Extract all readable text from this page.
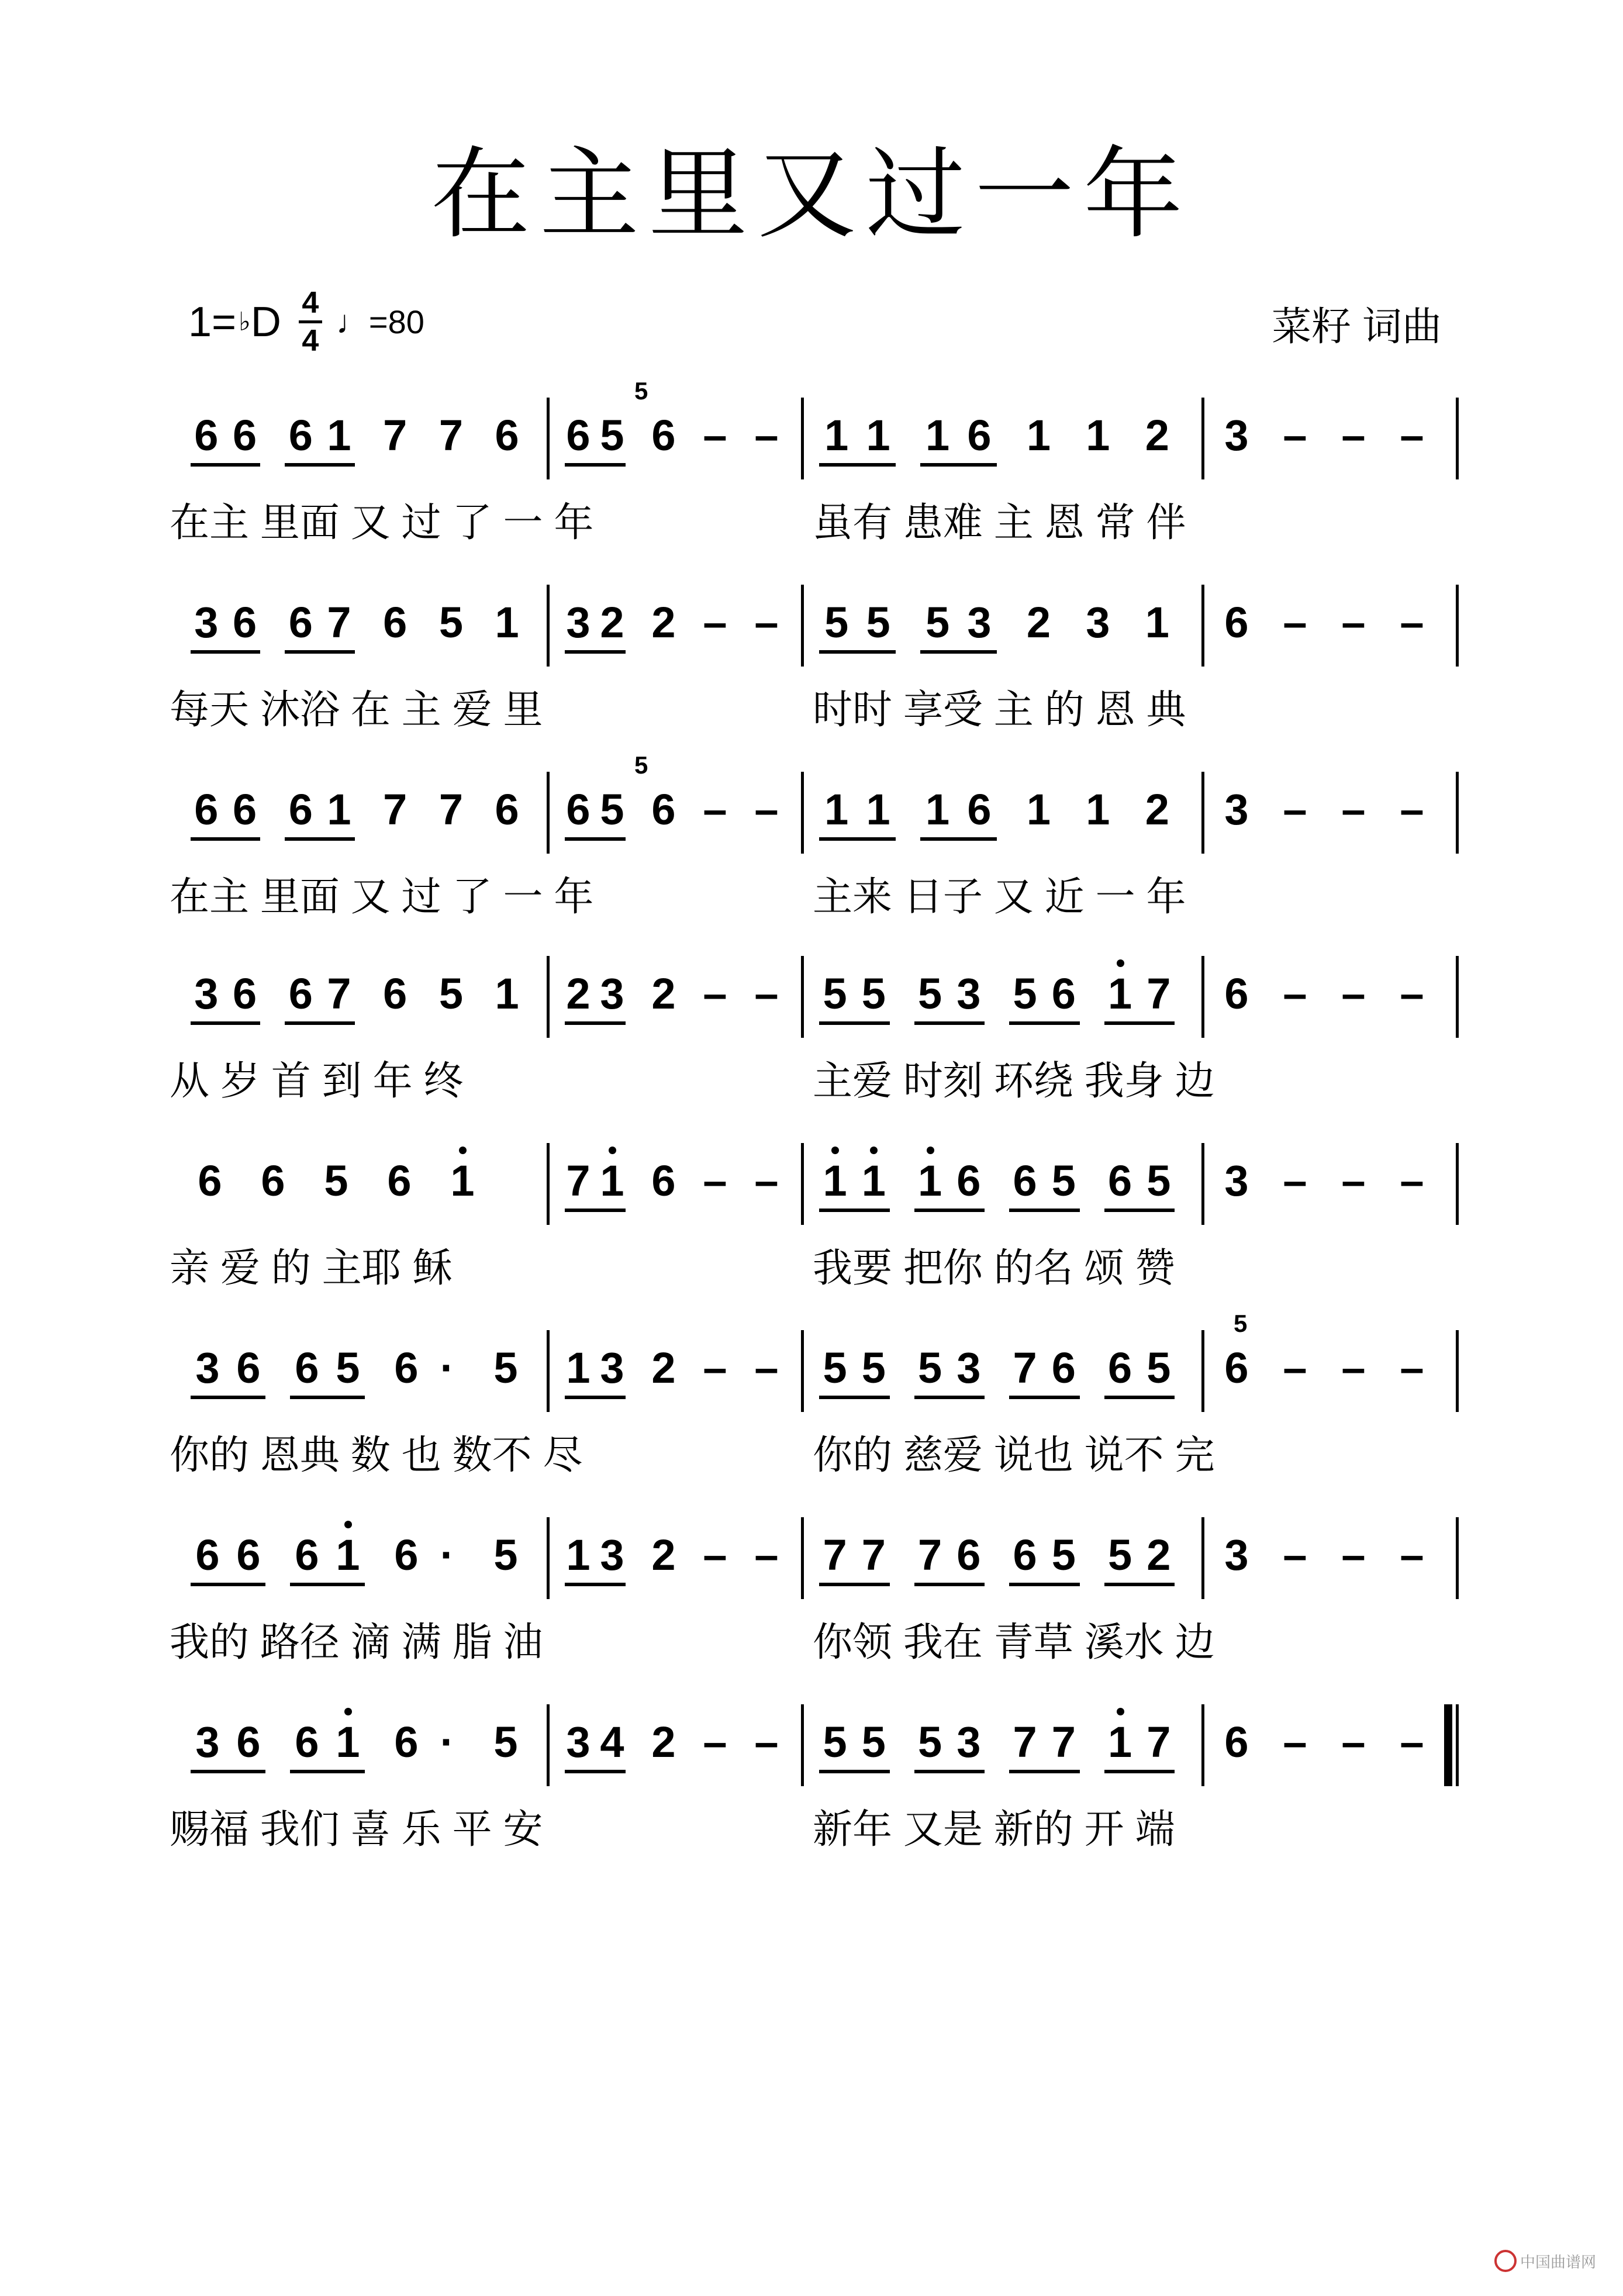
在主里又过一年
1= ♭ D 4
4
♩=80	菜籽 词曲
6 6 6 1 7 7 6 6 5 6 – – 1 1 1 6 1 1 2 3 – – –
在主 里面 又 过 了 一 年	虽有 患难 主 恩 常 伴
3 6 6 7 6 5 1 3 2 2 – – 5 5 5 3 2 3 1 6 – – –
每天 沐浴 在 主 爱 里	时时 享受 主 的 恩 典
6 6 6 1 7 7 6 6 5 6 – – 1 1 1 6 1 1 2 3 – – –
在主 里面 又 过 了 一 年	主来 日子 又 近 一 年
3 6 6 7 6 5 1 2 3 2 – – 5 5 5 3 5 6 1 7 6 – – –
从 岁 首 到 年 终	主爱 时刻 环绕 我身 边
6 6 5 6 1 7 1 6 – – 1 1 1 6 6 5 6 5 3 – – –
亲 爱 的 主耶 稣	我要 把你 的名 颂 赞
3 6 6 5 6 · 5 1 3 2 – – 5 5 5 3 7 6 6 5 6 – – –
你的 恩典 数 也 数不 尽	你的 慈爱 说也 说不 完
6 6 6 1 6 · 5 1 3 2 – – 7 7 7 6 6 5 5 2 3 – – –
我的 路径 滴 满 脂 油	你领 我在 青草 溪水 边
3 6 6 1 6 · 5 3 4 2 – – 5 5 5 3 7 7 1 7 6 – – –
赐福 我们 喜 乐 平 安	新年 又是 新的 开 端
中国曲谱网
5
5
5
